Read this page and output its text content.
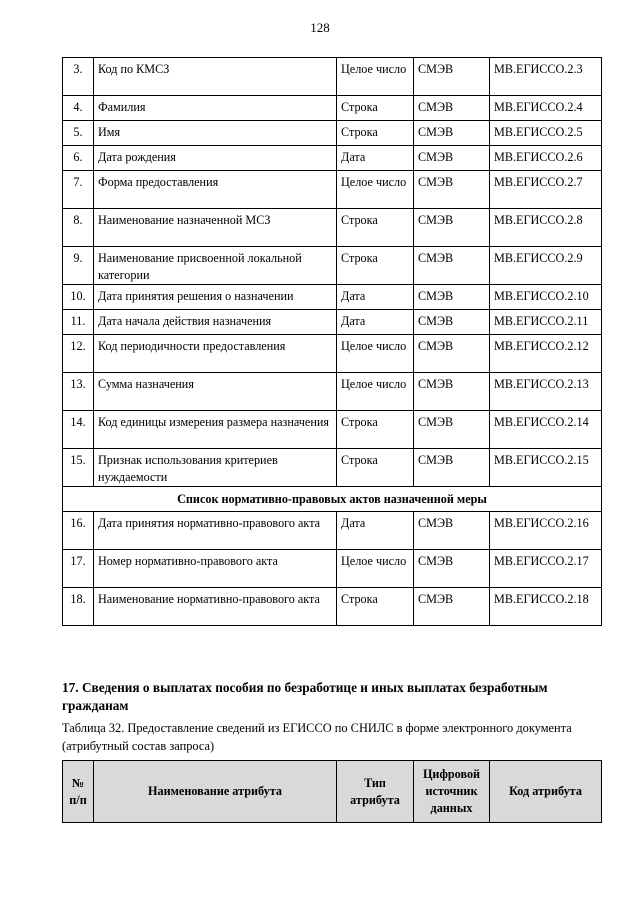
128
3.	Код по КМСЗ	Целое число	СМЭВ	МВ.ЕГИССО.2.3
4.	Фамилия	Строка	СМЭВ	МВ.ЕГИССО.2.4
5.	Имя	Строка	СМЭВ	МВ.ЕГИССО.2.5
6.	Дата рождения	Дата	СМЭВ	МВ.ЕГИССО.2.6
7.	Форма предоставления	Целое число	СМЭВ	МВ.ЕГИССО.2.7
8.	Наименование назначенной МСЗ	Строка	СМЭВ	МВ.ЕГИССО.2.8
9.	Наименование присвоенной локальной категории	Строка	СМЭВ	МВ.ЕГИССО.2.9
10.	Дата принятия решения о назначении	Дата	СМЭВ	МВ.ЕГИССО.2.10
11.	Дата начала действия назначения	Дата	СМЭВ	МВ.ЕГИССО.2.11
12.	Код периодичности предоставления	Целое число	СМЭВ	МВ.ЕГИССО.2.12
13.	Сумма назначения	Целое число	СМЭВ	МВ.ЕГИССО.2.13
14.	Код единицы измерения размера назначения	Строка	СМЭВ	МВ.ЕГИССО.2.14
15.	Признак использования критериев нуждаемости	Строка	СМЭВ	МВ.ЕГИССО.2.15
Список нормативно-правовых актов назначенной меры				
16.	Дата принятия нормативно-правового акта	Дата	СМЭВ	МВ.ЕГИССО.2.16
17.	Номер нормативно-правового акта	Целое число	СМЭВ	МВ.ЕГИССО.2.17
18.	Наименование нормативно-правового акта	Строка	СМЭВ	МВ.ЕГИССО.2.18
17. Сведения о выплатах пособия по безработице и иных выплатах безработным гражданам
Таблица 32. Предоставление сведений из ЕГИССО по СНИЛС в форме электронного документа (атрибутный состав запроса)
№ п/п	Наименование атрибута	Тип атрибута	Цифровой источник данных	Код атрибута
